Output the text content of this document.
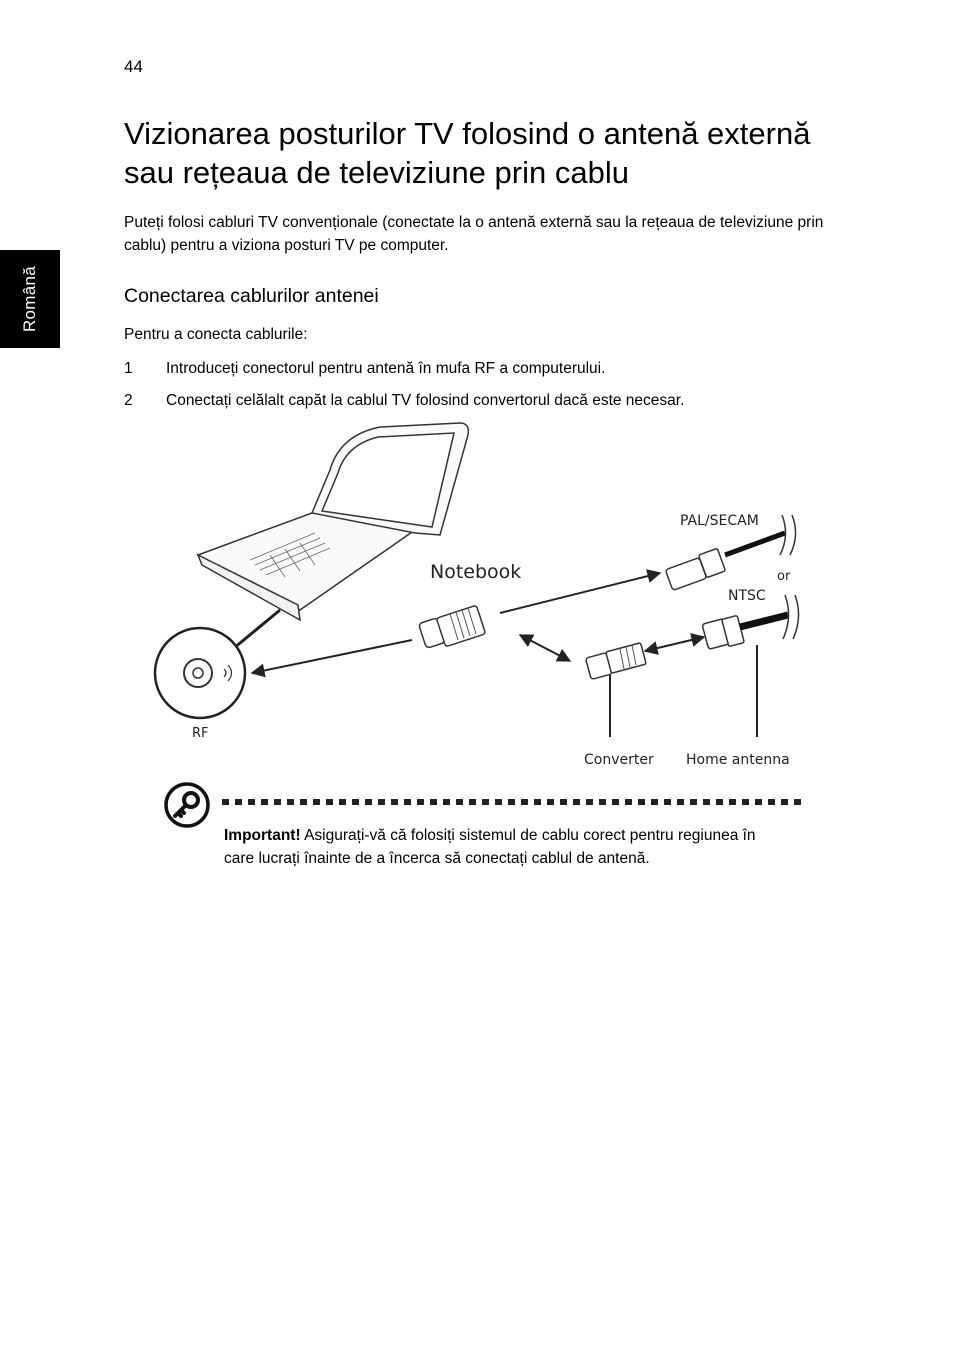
44
Română
Vizionarea posturilor TV folosind o antenă externă sau rețeaua de televiziune prin cablu

Puteți folosi cabluri TV convenționale (conectate la o antenă externă sau la rețeaua de televiziune prin cablu) pentru a viziona posturi TV pe computer.

Conectarea cablurilor antenei

Pentru a conecta cablurile:

1 Introduceți conectorul pentru antenă în mufa RF a computerului.
2 Conectați celălalt capăt la cablul TV folosind convertorul dacă este necesar.
RF
Notebook
PAL/SECAM
or
NTSC
Converter Home antenna

Important! Asigurați-vă că folosiți sistemul de cablu corect pentru regiunea în care lucrați înainte de a încerca să conectați cablul de antenă.
